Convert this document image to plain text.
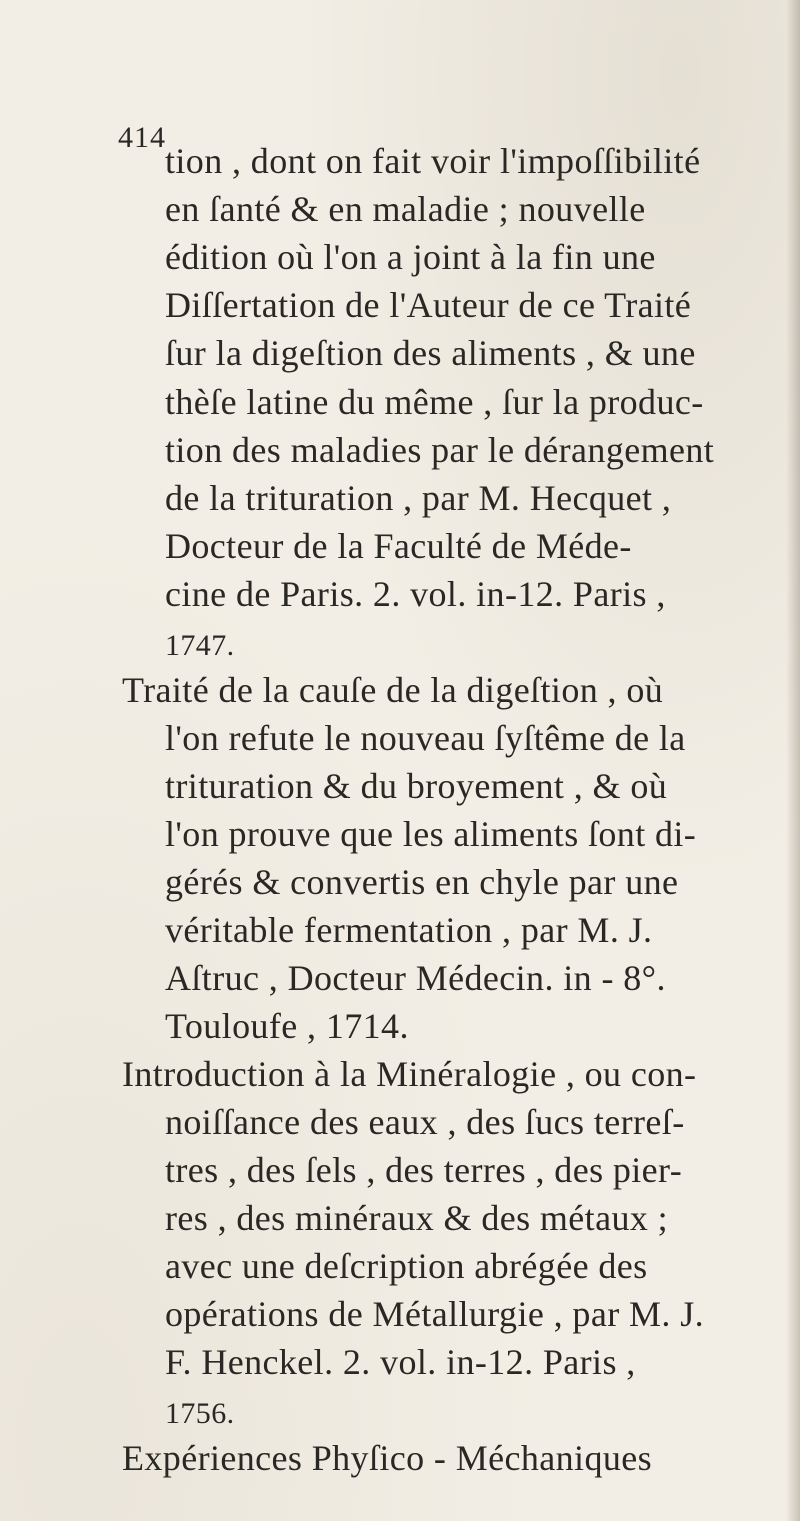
414
tion , dont on fait voir l'impoſſibilité
en ſanté & en maladie ; nouvelle
édition où l'on a joint à la fin une
Diſſertation de l'Auteur de ce Traité
ſur la digeſtion des aliments , & une
thèſe latine du même , ſur la produc-
tion des maladies par le dérangement
de la trituration , par M. Hecquet ,
Docteur de la Faculté de Méde-
cine de Paris. 2. vol. in-12. Paris ,
1747.
Traité de la cauſe de la digeſtion , où
l'on refute le nouveau ſyſtême de la
trituration & du broyement , & où
l'on prouve que les aliments ſont di-
gérés & convertis en chyle par une
véritable fermentation , par M. J.
Aſtruc , Docteur Médecin. in - 8°.
Touloufe , 1714.
Introduction à la Minéralogie , ou con-
noiſſance des eaux , des ſucs terreſ-
tres , des ſels , des terres , des pier-
res , des minéraux & des métaux ;
avec une deſcription abrégée des
opérations de Métallurgie , par M. J.
F. Henckel. 2. vol. in-12. Paris ,
1756.
Expériences Phyſico - Méchaniques
